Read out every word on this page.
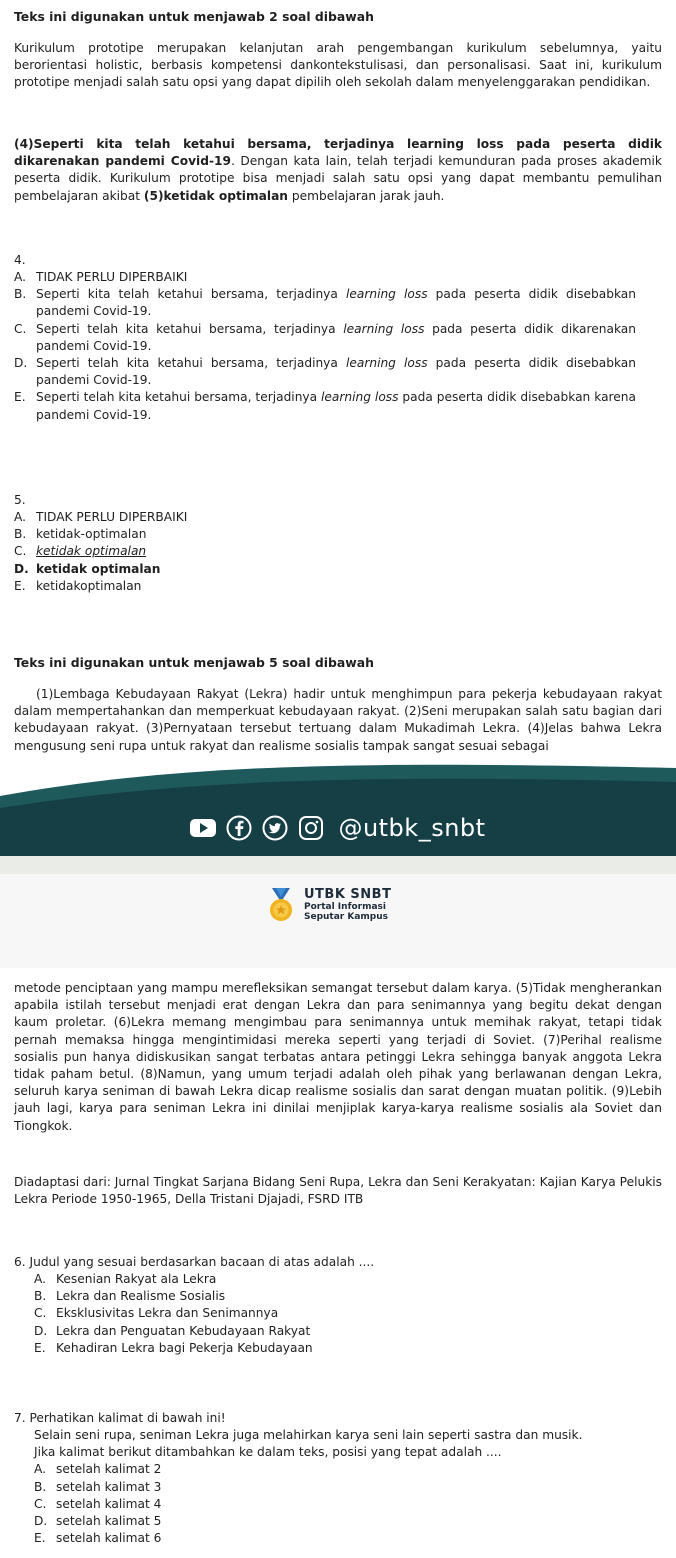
Teks ini digunakan untuk menjawab 2 soal dibawah

Kurikulum prototipe merupakan kelanjutan arah pengembangan kurikulum sebelumnya, yaitu berorientasi holistic, berbasis kompetensi dankontekstulisasi, dan personalisasi. Saat ini, kurikulum prototipe menjadi salah satu opsi yang dapat dipilih oleh sekolah dalam menyelenggarakan pendidikan.

(4)Seperti kita telah ketahui bersama, terjadinya learning loss pada peserta didik dikarenakan pandemi Covid-19. Dengan kata lain, telah terjadi kemunduran pada proses akademik peserta didik. Kurikulum prototipe bisa menjadi salah satu opsi yang dapat membantu pemulihan pembelajaran akibat (5)ketidak optimalan pembelajaran jarak jauh.

4.
A. TIDAK PERLU DIPERBAIKI
B. Seperti kita telah ketahui bersama, terjadinya learning loss pada peserta didik disebabkan pandemi Covid-19.
C. Seperti telah kita ketahui bersama, terjadinya learning loss pada peserta didik dikarenakan pandemi Covid-19.
D. Seperti telah kita ketahui bersama, terjadinya learning loss pada peserta didik disebabkan pandemi Covid-19.
E. Seperti telah kita ketahui bersama, terjadinya learning loss pada peserta didik disebabkan karena pandemi Covid-19.
5.
A. TIDAK PERLU DIPERBAIKI
B. ketidak-optimalan
C. ketidak optimalan
D. ketidak optimalan
E. ketidakoptimalan
Teks ini digunakan untuk menjawab 5 soal dibawah

(1)Lembaga Kebudayaan Rakyat (Lekra) hadir untuk menghimpun para pekerja kebudayaan rakyat dalam mempertahankan dan memperkuat kebudayaan rakyat. (2)Seni merupakan salah satu bagian dari kebudayaan rakyat. (3)Pernyataan tersebut tertuang dalam Mukadimah Lekra. (4)Jelas bahwa Lekra mengusung seni rupa untuk rakyat dan realisme sosialis tampak sangat sesuai sebagai

@utbk_snbt
UTBK SNBT
Portal Informasi
Seputar Kampus

metode penciptaan yang mampu merefleksikan semangat tersebut dalam karya. (5)Tidak mengherankan apabila istilah tersebut menjadi erat dengan Lekra dan para senimannya yang begitu dekat dengan kaum proletar. (6)Lekra memang mengimbau para senimannya untuk memihak rakyat, tetapi tidak pernah memaksa hingga mengintimidasi mereka seperti yang terjadi di Soviet. (7)Perihal realisme sosialis pun hanya didiskusikan sangat terbatas antara petinggi Lekra sehingga banyak anggota Lekra tidak paham betul. (8)Namun, yang umum terjadi adalah oleh pihak yang berlawanan dengan Lekra, seluruh karya seniman di bawah Lekra dicap realisme sosialis dan sarat dengan muatan politik. (9)Lebih jauh lagi, karya para seniman Lekra ini dinilai menjiplak karya-karya realisme sosialis ala Soviet dan Tiongkok.

Diadaptasi dari: Jurnal Tingkat Sarjana Bidang Seni Rupa, Lekra dan Seni Kerakyatan: Kajian Karya Pelukis Lekra Periode 1950-1965, Della Tristani Djajadi, FSRD ITB

6. Judul yang sesuai berdasarkan bacaan di atas adalah ....
A. Kesenian Rakyat ala Lekra
B. Lekra dan Realisme Sosialis
C. Eksklusivitas Lekra dan Senimannya
D. Lekra dan Penguatan Kebudayaan Rakyat
E. Kehadiran Lekra bagi Pekerja Kebudayaan
7. Perhatikan kalimat di bawah ini!
Selain seni rupa, seniman Lekra juga melahirkan karya seni lain seperti sastra dan musik.
Jika kalimat berikut ditambahkan ke dalam teks, posisi yang tepat adalah ....
A. setelah kalimat 2
B. setelah kalimat 3
C. setelah kalimat 4
D. setelah kalimat 5
E. setelah kalimat 6
